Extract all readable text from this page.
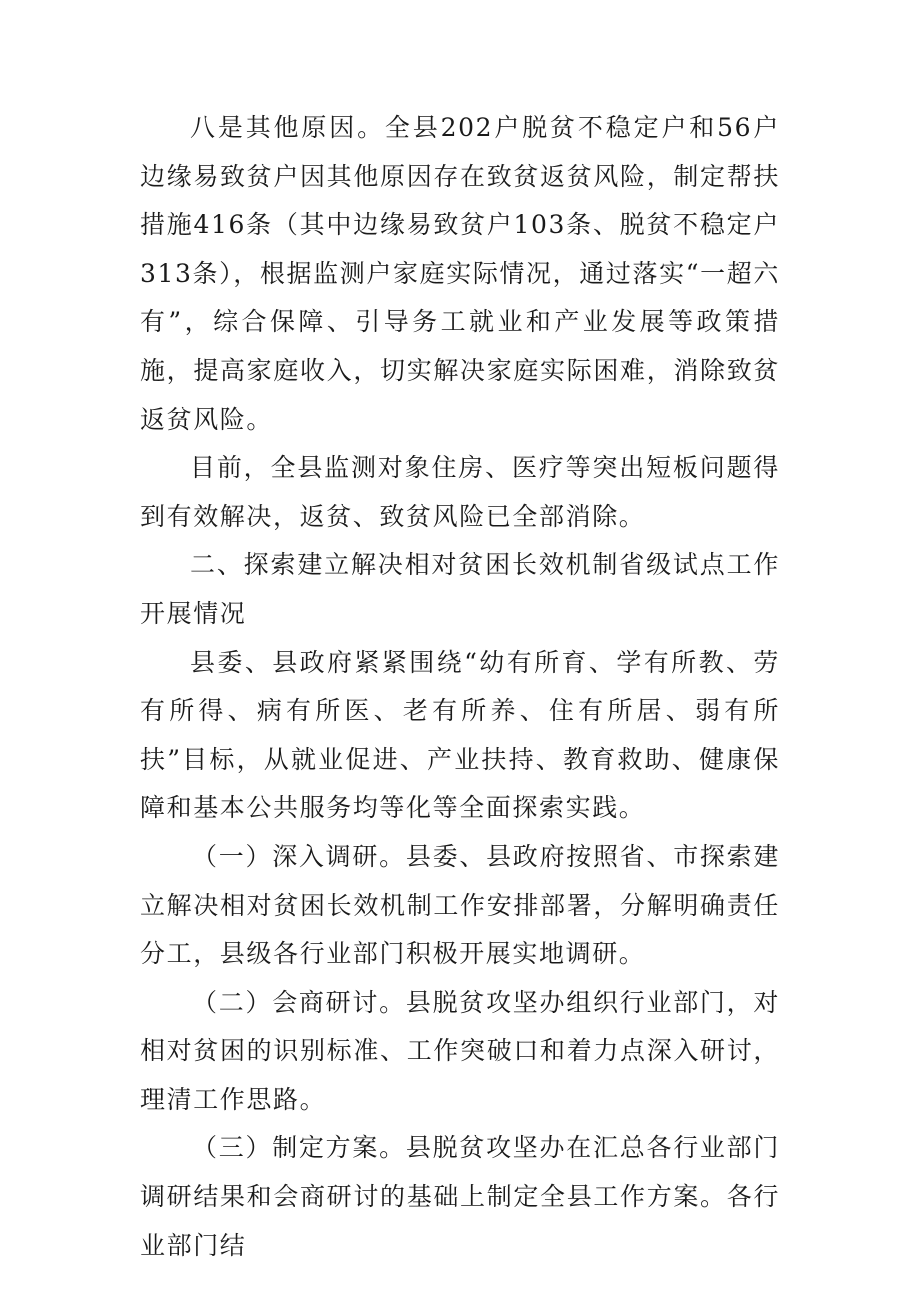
八是其他原因。全县202户脱贫不稳定户和56户边缘易致贫户因其他原因存在致贫返贫风险，制定帮扶措施416条（其中边缘易致贫户103条、脱贫不稳定户313条），根据监测户家庭实际情况，通过落实“一超六有”，综合保障、引导务工就业和产业发展等政策措施，提高家庭收入，切实解决家庭实际困难，消除致贫返贫风险。

目前，全县监测对象住房、医疗等突出短板问题得到有效解决，返贫、致贫风险已全部消除。

二、探索建立解决相对贫困长效机制省级试点工作开展情况

县委、县政府紧紧围绕“幼有所育、学有所教、劳有所得、病有所医、老有所养、住有所居、弱有所扶”目标，从就业促进、产业扶持、教育救助、健康保障和基本公共服务均等化等全面探索实践。

（一）深入调研。县委、县政府按照省、市探索建立解决相对贫困长效机制工作安排部署，分解明确责任分工，县级各行业部门积极开展实地调研。

（二）会商研讨。县脱贫攻坚办组织行业部门，对相对贫困的识别标准、工作突破口和着力点深入研讨，理清工作思路。

（三）制定方案。县脱贫攻坚办在汇总各行业部门调研结果和会商研讨的基础上制定全县工作方案。各行业部门结
